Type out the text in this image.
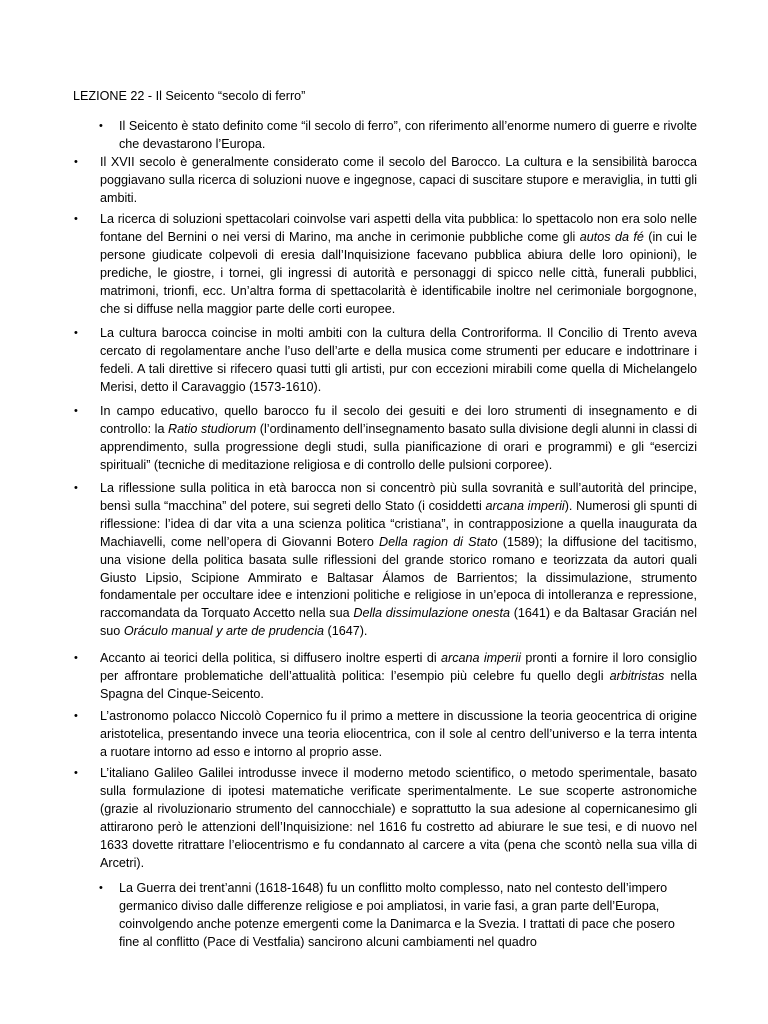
LEZIONE 22 - Il Seicento “secolo di ferro”
• Il Seicento è stato definito come “il secolo di ferro”, con riferimento all’enorme numero di guerre e rivolte che devastarono l’Europa.
• Il XVII secolo è generalmente considerato come il secolo del Barocco. La cultura e la sensibilità barocca poggiavano sulla ricerca di soluzioni nuove e ingegnose, capaci di suscitare stupore e meraviglia, in tutti gli ambiti.
• La ricerca di soluzioni spettacolari coinvolse vari aspetti della vita pubblica: lo spettacolo non era solo nelle fontane del Bernini o nei versi di Marino, ma anche in cerimonie pubbliche come gli autos da fé (in cui le persone giudicate colpevoli di eresia dall’Inquisizione facevano pubblica abiura delle loro opinioni), le prediche, le giostre, i tornei, gli ingressi di autorità e personaggi di spicco nelle città, funerali pubblici, matrimoni, trionfi, ecc. Un’altra forma di spettacolarità è identificabile inoltre nel cerimoniale borgognone, che si diffuse nella maggior parte delle corti europee.
• La cultura barocca coincise in molti ambiti con la cultura della Controriforma. Il Concilio di Trento aveva cercato di regolamentare anche l’uso dell’arte e della musica come strumenti per educare e indottrinare i fedeli. A tali direttive si rifecero quasi tutti gli artisti, pur con eccezioni mirabili come quella di Michelangelo Merisi, detto il Caravaggio (1573-1610).
• In campo educativo, quello barocco fu il secolo dei gesuiti e dei loro strumenti di insegnamento e di controllo: la Ratio studiorum (l’ordinamento dell’insegnamento basato sulla divisione degli alunni in classi di apprendimento, sulla progressione degli studi, sulla pianificazione di orari e programmi) e gli “esercizi spirituali” (tecniche di meditazione religiosa e di controllo delle pulsioni corporee).
• La riflessione sulla politica in età barocca non si concentrò più sulla sovranità e sull’autorità del principe, bensì sulla “macchina” del potere, sui segreti dello Stato (i cosiddetti arcana imperii). Numerosi gli spunti di riflessione: l’idea di dar vita a una scienza politica “cristiana”, in contrapposizione a quella inaugurata da Machiavelli, come nell’opera di Giovanni Botero Della ragion di Stato (1589); la diffusione del tacitismo, una visione della politica basata sulle riflessioni del grande storico romano e teorizzata da autori quali Giusto Lipsio, Scipione Ammirato e Baltasar Álamos de Barrientos; la dissimulazione, strumento fondamentale per occultare idee e intenzioni politiche e religiose in un’epoca di intolleranza e repressione, raccomandata da Torquato Accetto nella sua Della dissimulazione onesta (1641) e da Baltasar Gracián nel suo Oráculo manual y arte de prudencia (1647).
• Accanto ai teorici della politica, si diffusero inoltre esperti di arcana imperii pronti a fornire il loro consiglio per affrontare problematiche dell’attualità politica: l’esempio più celebre fu quello degli arbitristas nella Spagna del Cinque-Seicento.
• L’astronomo polacco Niccolò Copernico fu il primo a mettere in discussione la teoria geocentrica di origine aristotelica, presentando invece una teoria eliocentrica, con il sole al centro dell’universo e la terra intenta a ruotare intorno ad esso e intorno al proprio asse.
• L’italiano Galileo Galilei introdusse invece il moderno metodo scientifico, o metodo sperimentale, basato sulla formulazione di ipotesi matematiche verificate sperimentalmente. Le sue scoperte astronomiche (grazie al rivoluzionario strumento del cannocchiale) e soprattutto la sua adesione al copernicanesimo gli attirarono però le attenzioni dell’Inquisizione: nel 1616 fu costretto ad abiurare le sue tesi, e di nuovo nel 1633 dovette ritrattare l’eliocentrismo e fu condannato al carcere a vita (pena che scontò nella sua villa di Arcetri).
• La Guerra dei trent’anni (1618-1648) fu un conflitto molto complesso, nato nel contesto dell’impero germanico diviso dalle differenze religiose e poi ampliatosi, in varie fasi, a gran parte dell’Europa, coinvolgendo anche potenze emergenti come la Danimarca e la Svezia. I trattati di pace che posero fine al conflitto (Pace di Vestfalia) sancirono alcuni cambiamenti nel quadro
